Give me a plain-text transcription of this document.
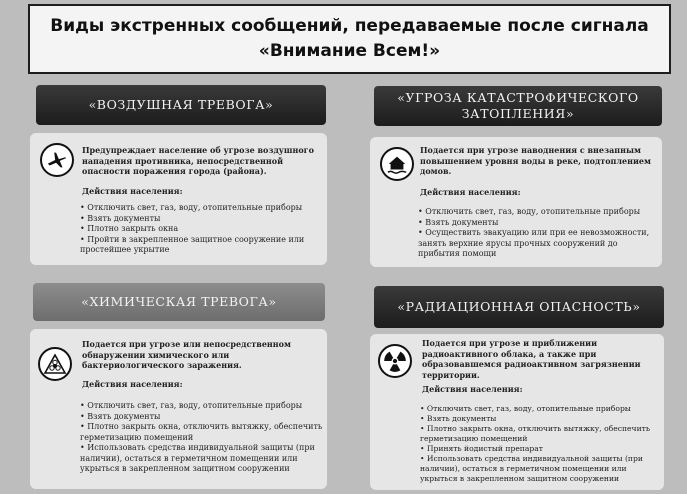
Виды экстренных сообщений, передаваемые после сигнала
«Внимание Всем!»
«ВОЗДУШНАЯ ТРЕВОГА»
Предупреждает население об угрозе воздушного нападения противника, непосредственной опасности поражения города (района).
Действия населения:
• Отключить свет, газ, воду, отопительные приборы
• Взять документы
• Плотно закрыть окна
• Пройти в закрепленное защитное сооружение или простейшее укрытие
«УГРОЗА КАТАСТРОФИЧЕСКОГО
ЗАТОПЛЕНИЯ»
Подается при угрозе наводнения с внезапным повышением уровня воды в реке, подтоплением домов.
Действия населения:
• Отключить свет, газ, воду, отопительные приборы
• Взять документы
• Осуществить эвакуацию или при ее невозможности, занять верхние ярусы прочных сооружений до прибытия помощи
«ХИМИЧЕСКАЯ ТРЕВОГА»
Подается при угрозе или непосредственном обнаружении химического или бактериологического заражения.
Действия населения:
• Отключить свет, газ, воду, отопительные приборы
• Взять документы
• Плотно закрыть окна, отключить вытяжку, обеспечить герметизацию помещений
• Использовать средства индивидуальной защиты (при наличии), остаться в герметичном помещении или укрыться в закрепленном защитном сооружении
«РАДИАЦИОННАЯ ОПАСНОСТЬ»
Подается при угрозе и приближении радиоактивного облака, а также при образовавшемся радиоактивном загрязнении территории.
Действия населения:
• Отключить свет, газ, воду, отопительные приборы
• Взять документы
• Плотно закрыть окна, отключить вытяжку, обеспечить герметизацию помещений
• Принять йодистый препарат
• Использовать средства индивидуальной защиты (при наличии), остаться в герметичном помещении или укрыться в закрепленном защитном сооружении
